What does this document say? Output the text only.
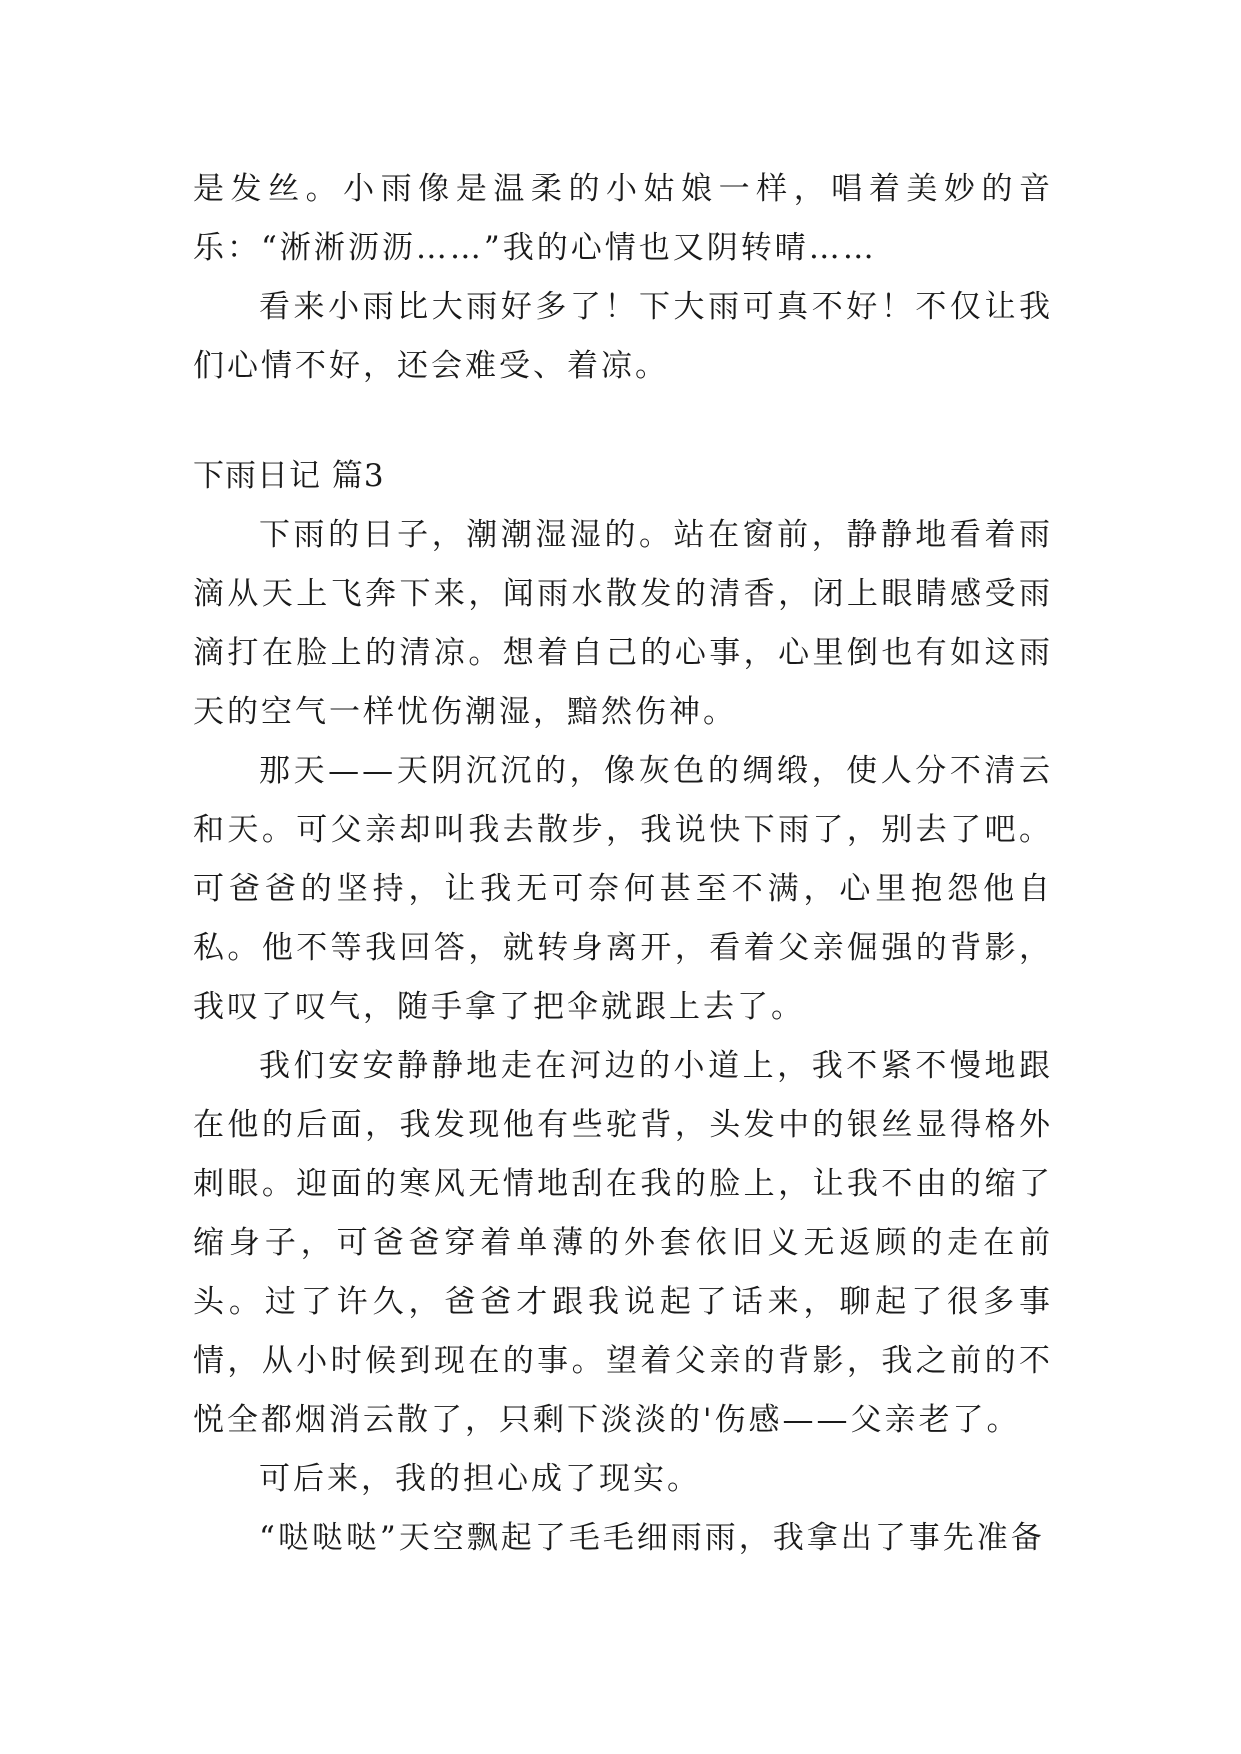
是发丝。小雨像是温柔的小姑娘一样，唱着美妙的音乐：“淅淅沥沥……”我的心情也又阴转晴……

看来小雨比大雨好多了！下大雨可真不好！不仅让我们心情不好，还会难受、着凉。

下雨日记 篇3

下雨的日子，潮潮湿湿的。站在窗前，静静地看着雨滴从天上飞奔下来，闻雨水散发的清香，闭上眼睛感受雨滴打在脸上的清凉。想着自己的心事，心里倒也有如这雨天的空气一样忧伤潮湿，黯然伤神。

那天——天阴沉沉的，像灰色的绸缎，使人分不清云和天。可父亲却叫我去散步，我说快下雨了，别去了吧。可爸爸的坚持，让我无可奈何甚至不满，心里抱怨他自私。他不等我回答，就转身离开，看着父亲倔强的背影，我叹了叹气，随手拿了把伞就跟上去了。

我们安安静静地走在河边的小道上，我不紧不慢地跟在他的后面，我发现他有些驼背，头发中的银丝显得格外刺眼。迎面的寒风无情地刮在我的脸上，让我不由的缩了缩身子，可爸爸穿着单薄的外套依旧义无返顾的走在前头。过了许久，爸爸才跟我说起了话来，聊起了很多事情，从小时候到现在的事。望着父亲的背影，我之前的不悦全都烟消云散了，只剩下淡淡的'伤感——父亲老了。

可后来，我的担心成了现实。

“哒哒哒”天空飘起了毛毛细雨雨，我拿出了事先准备
